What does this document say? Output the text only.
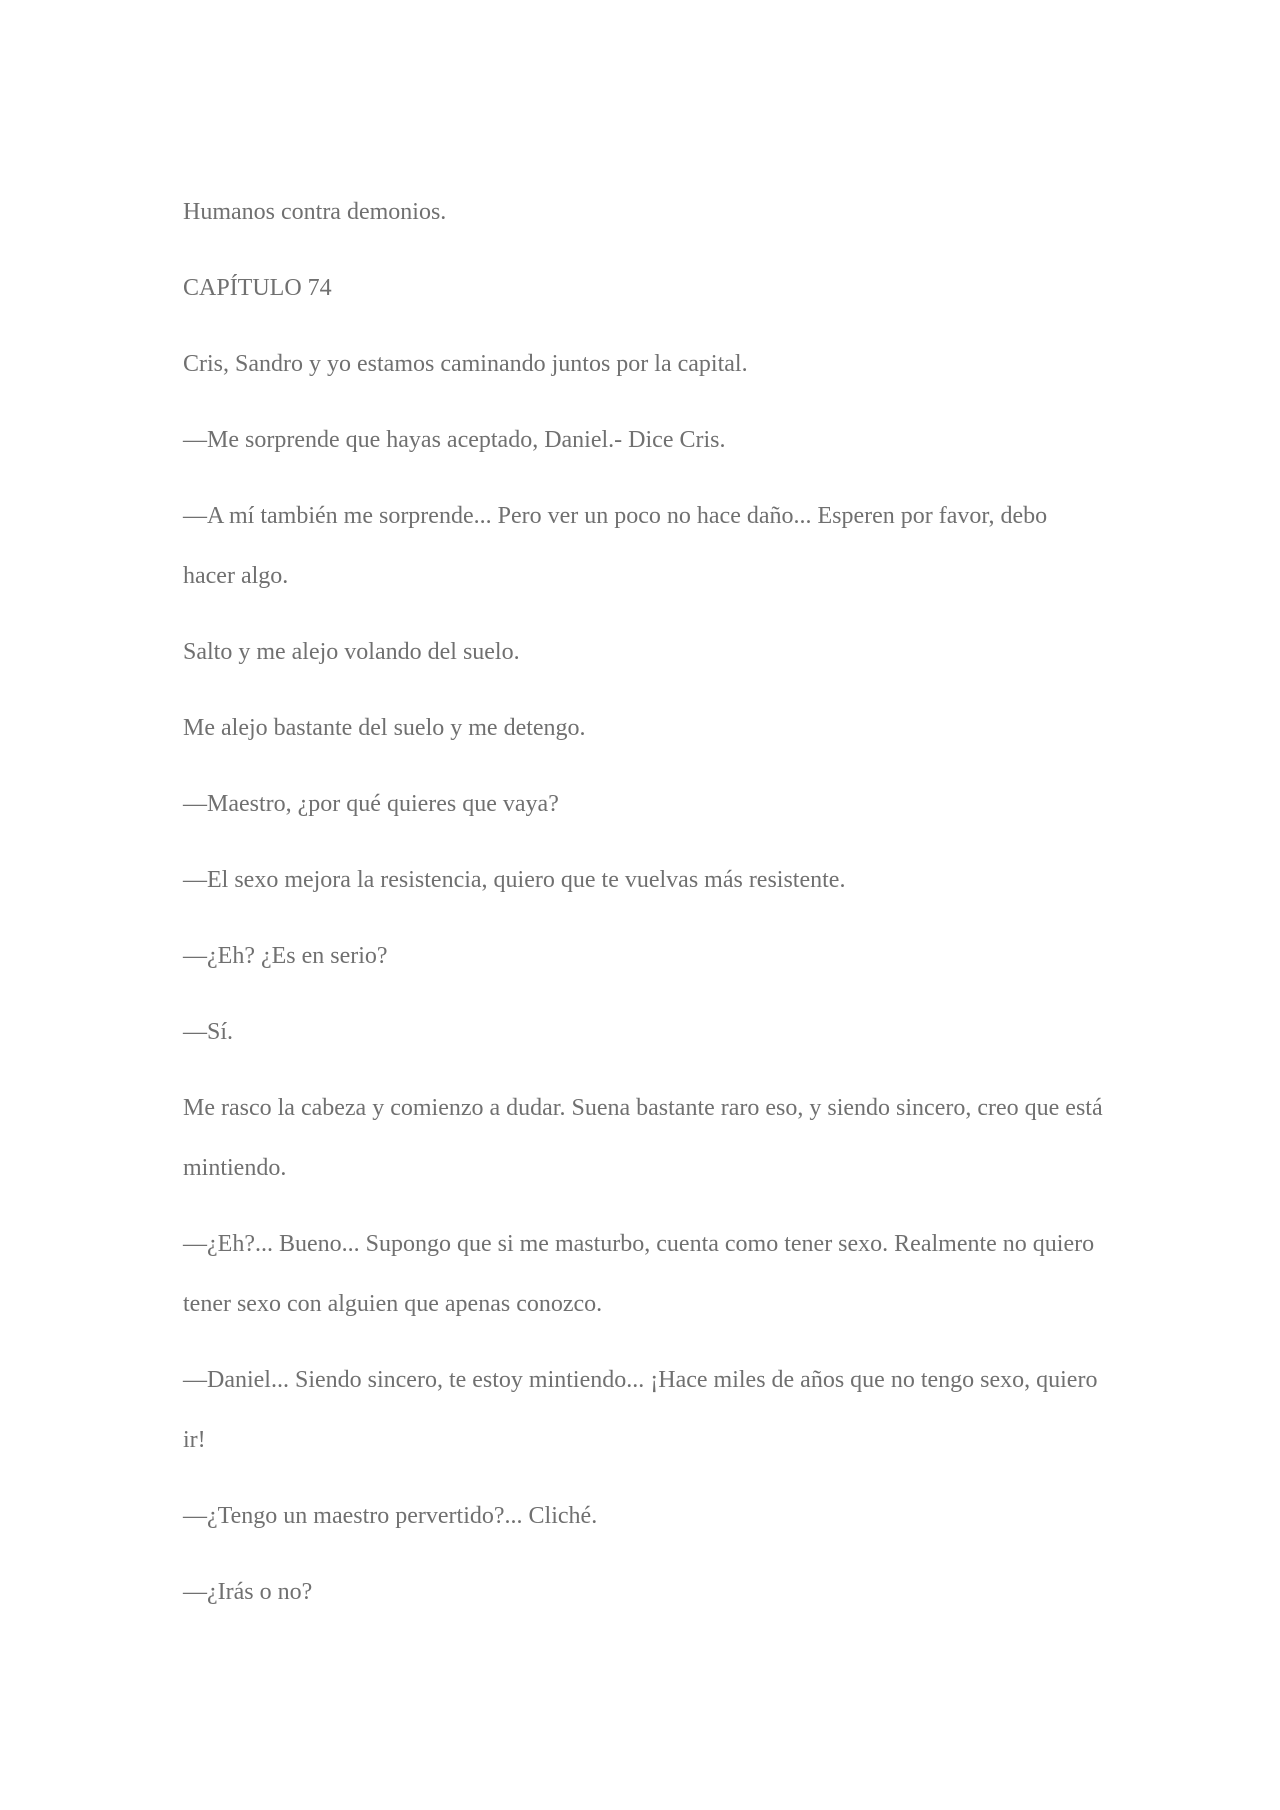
Humanos contra demonios.

CAPÍTULO 74

Cris, Sandro y yo estamos caminando juntos por la capital.

—Me sorprende que hayas aceptado, Daniel.- Dice Cris.

—A mí también me sorprende... Pero ver un poco no hace daño... Esperen por favor, debo hacer algo.

Salto y me alejo volando del suelo.

Me alejo bastante del suelo y me detengo.

—Maestro, ¿por qué quieres que vaya?

—El sexo mejora la resistencia, quiero que te vuelvas más resistente.

—¿Eh? ¿Es en serio?

—Sí.

Me rasco la cabeza y comienzo a dudar. Suena bastante raro eso, y siendo sincero, creo que está mintiendo.

—¿Eh?... Bueno... Supongo que si me masturbo, cuenta como tener sexo. Realmente no quiero tener sexo con alguien que apenas conozco.

—Daniel... Siendo sincero, te estoy mintiendo... ¡Hace miles de años que no tengo sexo, quiero ir!

—¿Tengo un maestro pervertido?... Cliché.

—¿Irás o no?
